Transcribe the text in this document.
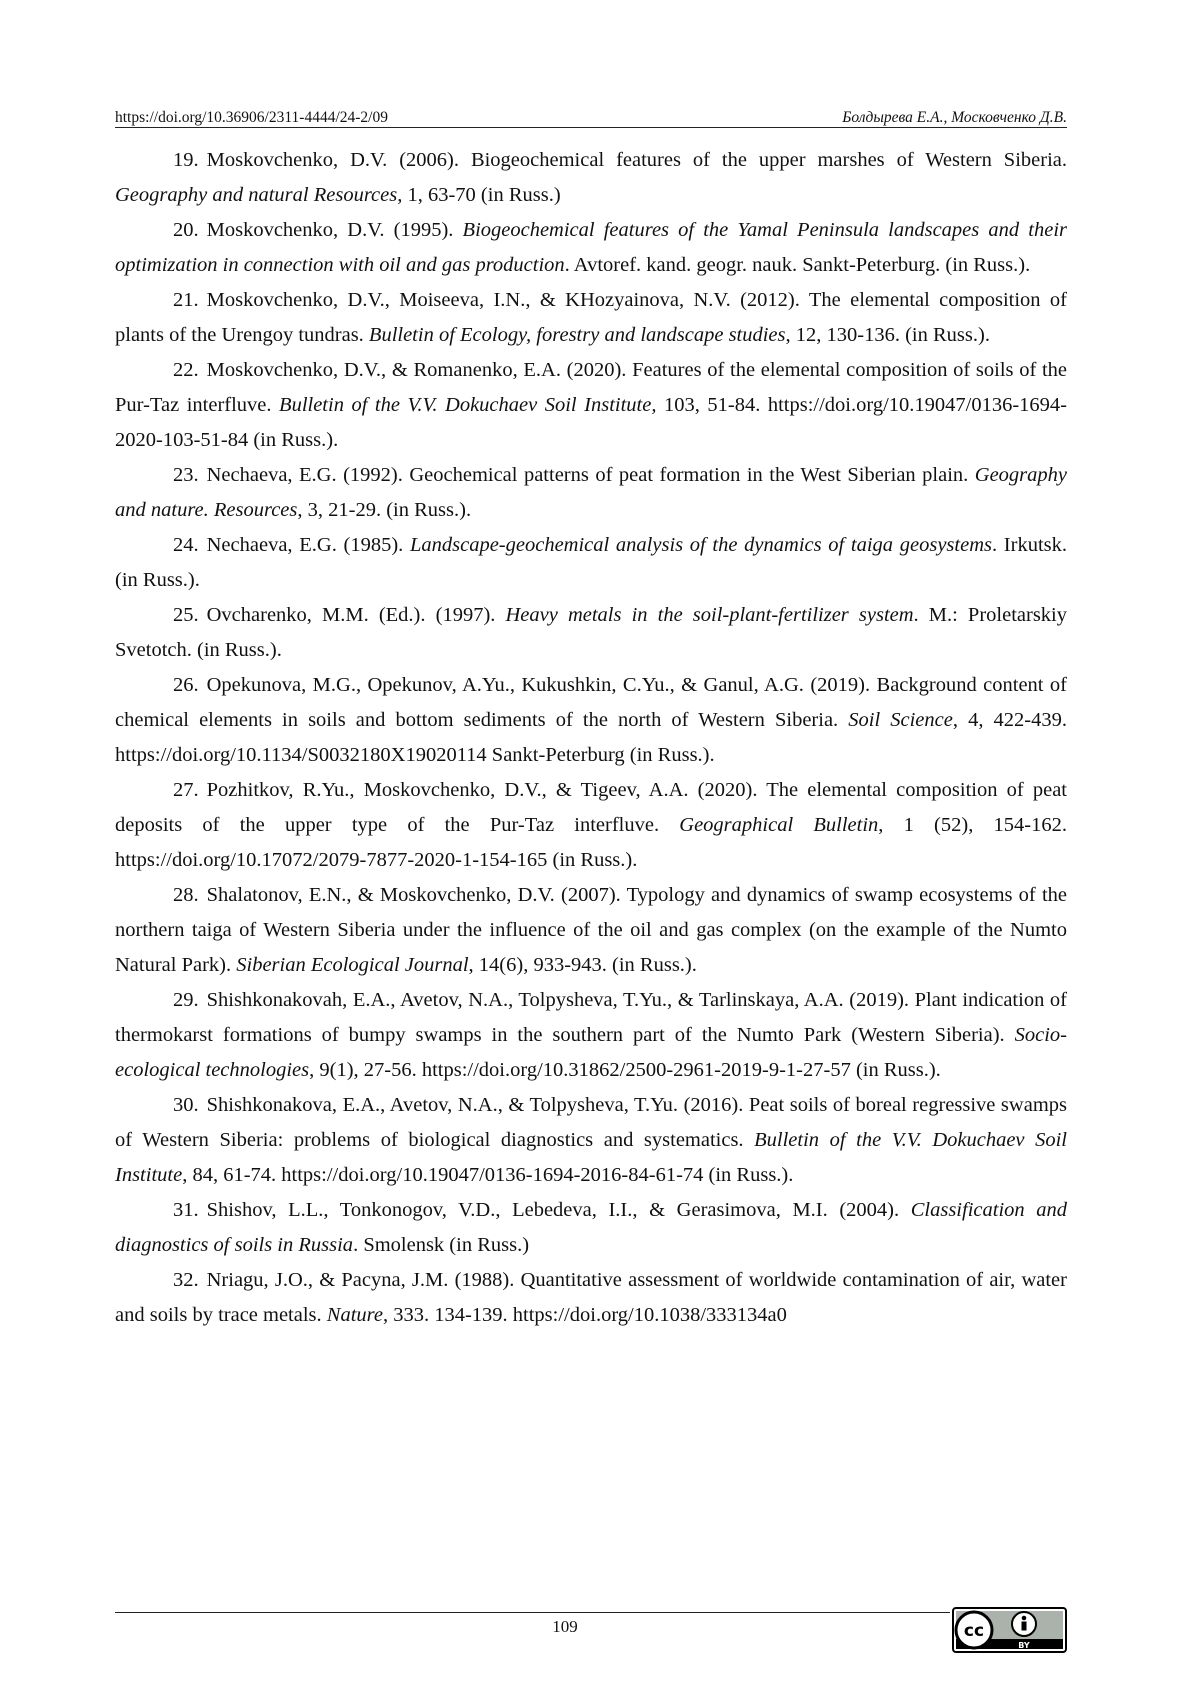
https://doi.org/10.36906/2311-4444/24-2/09	Болдырева Е.А., Московченко Д.В.

19. Moskovchenko, D.V. (2006). Biogeochemical features of the upper marshes of Western Siberia. Geography and natural Resources, 1, 63-70 (in Russ.)

20. Moskovchenko, D.V. (1995). Biogeochemical features of the Yamal Peninsula landscapes and their optimization in connection with oil and gas production. Avtoref. kand. geogr. nauk. Sankt-Peterburg. (in Russ.).

21. Moskovchenko, D.V., Moiseeva, I.N., & KHozyainova, N.V. (2012). The elemental composition of plants of the Urengoy tundras. Bulletin of Ecology, forestry and landscape studies, 12, 130-136. (in Russ.).

22. Moskovchenko, D.V., & Romanenko, E.A. (2020). Features of the elemental composition of soils of the Pur-Taz interfluve. Bulletin of the V.V. Dokuchaev Soil Institute, 103, 51-84. https://doi.org/10.19047/0136-1694-2020-103-51-84 (in Russ.).

23. Nechaeva, E.G. (1992). Geochemical patterns of peat formation in the West Siberian plain. Geography and nature. Resources, 3, 21-29. (in Russ.).

24. Nechaeva, E.G. (1985). Landscape-geochemical analysis of the dynamics of taiga geosystems. Irkutsk. (in Russ.).

25. Ovcharenko, M.M. (Ed.). (1997). Heavy metals in the soil-plant-fertilizer system. M.: Proletarskiy Svetotch. (in Russ.).

26. Opekunova, M.G., Opekunov, A.Yu., Kukushkin, C.Yu., & Ganul, A.G. (2019). Background content of chemical elements in soils and bottom sediments of the north of Western Siberia. Soil Science, 4, 422-439. https://doi.org/10.1134/S0032180X19020114 Sankt-Peterburg (in Russ.).

27. Pozhitkov, R.Yu., Moskovchenko, D.V., & Tigeev, A.A. (2020). The elemental composition of peat deposits of the upper type of the Pur-Taz interfluve. Geographical Bulletin, 1 (52), 154-162. https://doi.org/10.17072/2079-7877-2020-1-154-165 (in Russ.).

28. Shalatonov, E.N., & Moskovchenko, D.V. (2007). Typology and dynamics of swamp ecosystems of the northern taiga of Western Siberia under the influence of the oil and gas complex (on the example of the Numto Natural Park). Siberian Ecological Journal, 14(6), 933-943. (in Russ.).

29. Shishkonakovah, E.A., Avetov, N.A., Tolpysheva, T.Yu., & Tarlinskaya, A.A. (2019). Plant indication of thermokarst formations of bumpy swamps in the southern part of the Numto Park (Western Siberia). Socio-ecological technologies, 9(1), 27-56. https://doi.org/10.31862/2500-2961-2019-9-1-27-57 (in Russ.).

30. Shishkonakova, E.A., Avetov, N.A., & Tolpysheva, T.Yu. (2016). Peat soils of boreal regressive swamps of Western Siberia: problems of biological diagnostics and systematics. Bulletin of the V.V. Dokuchaev Soil Institute, 84, 61-74. https://doi.org/10.19047/0136-1694-2016-84-61-74 (in Russ.).

31. Shishov, L.L., Tonkonogov, V.D., Lebedeva, I.I., & Gerasimova, M.I. (2004). Classification and diagnostics of soils in Russia. Smolensk (in Russ.)

32. Nriagu, J.O., & Pacyna, J.M. (1988). Quantitative assessment of worldwide contamination of air, water and soils by trace metals. Nature, 333. 134-139. https://doi.org/10.1038/333134a0

109	cc
BY
